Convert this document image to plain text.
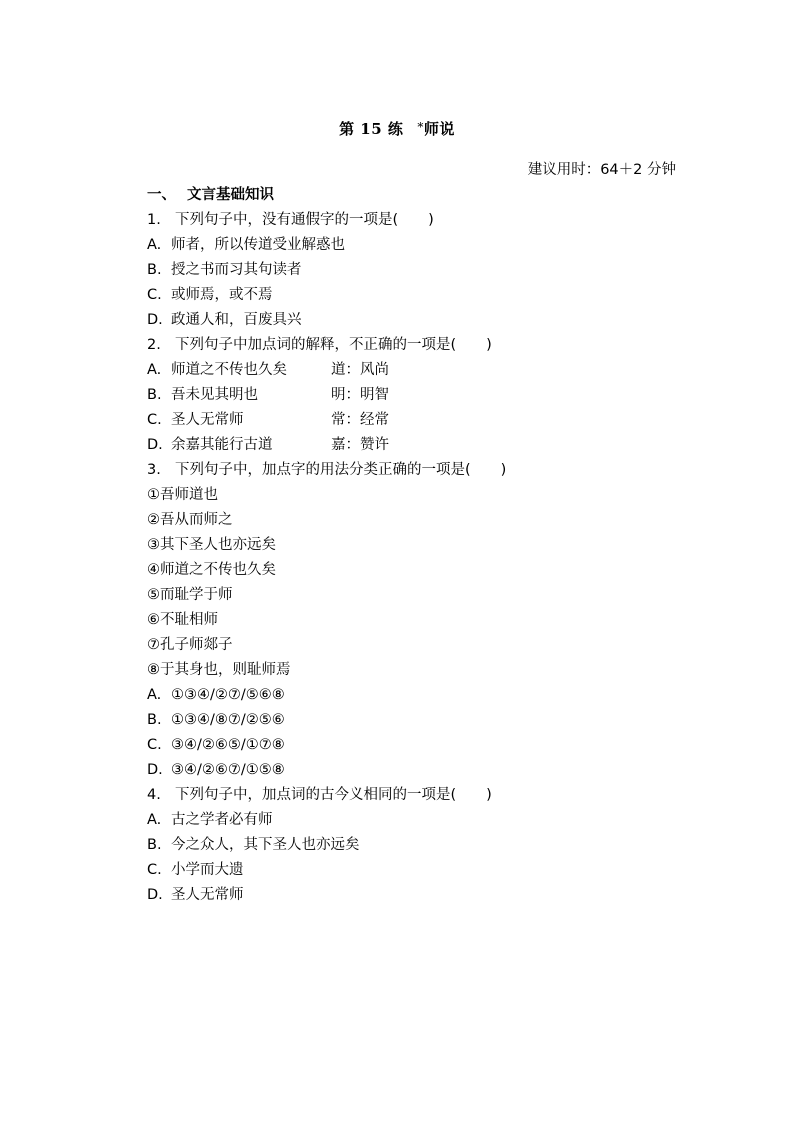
第 15 练 *师说
建议用时：64＋2 分钟
一、 文言基础知识
1. 下列句子中，没有通假字的一项是( )
A. 师者，所以传道受业解惑也
B. 授之书而习其句读者
C. 或师焉，或不焉
D. 政通人和，百废具兴
2. 下列句子中加点词的解释，不正确的一项是( )
A. 师道之不传也久矣	道：风尚
B. 吾未见其明也	明：明智
C. 圣人无常师	常：经常
D. 余嘉其能行古道	嘉：赞许
3. 下列句子中，加点字的用法分类正确的一项是( )
①吾师道也
②吾从而师之
③其下圣人也亦远矣
④师道之不传也久矣
⑤而耻学于师
⑥不耻相师
⑦孔子师郯子
⑧于其身也，则耻师焉
A. ①③④/②⑦/⑤⑥⑧
B. ①③④/⑧⑦/②⑤⑥
C. ③④/②⑥⑤/①⑦⑧
D. ③④/②⑥⑦/①⑤⑧
4. 下列句子中，加点词的古今义相同的一项是( )
A. 古之学者必有师
B. 今之众人，其下圣人也亦远矣
C. 小学而大遗
D. 圣人无常师
